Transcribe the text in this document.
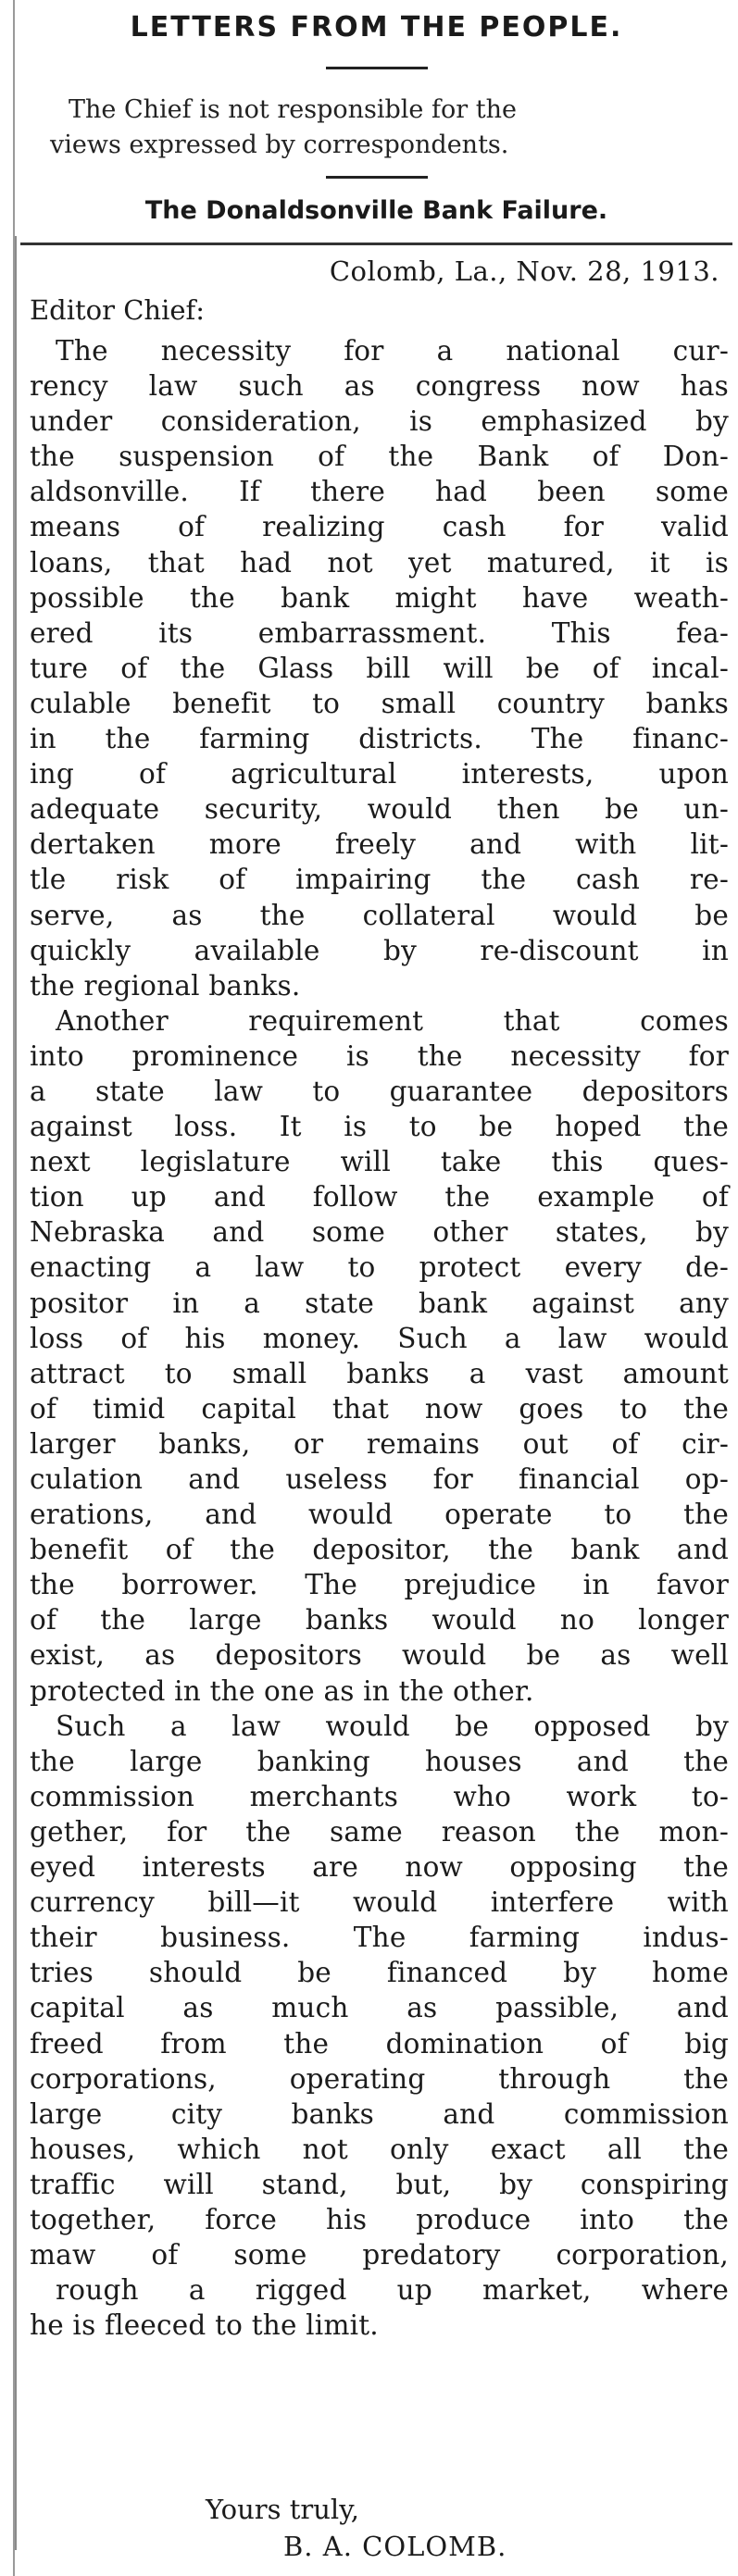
LETTERS FROM THE PEOPLE.
The Chief is not responsible for the
views expressed by correspondents.
The Donaldsonville Bank Failure.
Colomb, La., Nov. 28, 1913.
Editor Chief:
The necessity for a national cur-
rency law such as congress now has
under consideration, is emphasized by
the suspension of the Bank of Don-
aldsonville. If there had been some
means of realizing cash for valid
loans, that had not yet matured, it is
possible the bank might have weath-
ered its embarrassment. This fea-
ture of the Glass bill will be of incal-
culable benefit to small country banks
in the farming districts. The financ-
ing of agricultural interests, upon
adequate security, would then be un-
dertaken more freely and with lit-
tle risk of impairing the cash re-
serve, as the collateral would be
quickly available by re-discount in
the regional banks.
Another requirement that comes
into prominence is the necessity for
a state law to guarantee depositors
against loss. It is to be hoped the
next legislature will take this ques-
tion up and follow the example of
Nebraska and some other states, by
enacting a law to protect every de-
positor in a state bank against any
loss of his money. Such a law would
attract to small banks a vast amount
of timid capital that now goes to the
larger banks, or remains out of cir-
culation and useless for financial op-
erations, and would operate to the
benefit of the depositor, the bank and
the borrower. The prejudice in favor
of the large banks would no longer
exist, as depositors would be as well
protected in the one as in the other.
Such a law would be opposed by
the large banking houses and the
commission merchants who work to-
gether, for the same reason the mon-
eyed interests are now opposing the
currency bill—it would interfere with
their business. The farming indus-
tries should be financed by home
capital as much as passible, and
freed from the domination of big
corporations, operating through the
large city banks and commission
houses, which not only exact all the
traffic will stand, but, by conspiring
together, force his produce into the
maw of some predatory corporation,
rough a rigged up market, where
he is fleeced to the limit.
Yours truly,
B. A. COLOMB.
